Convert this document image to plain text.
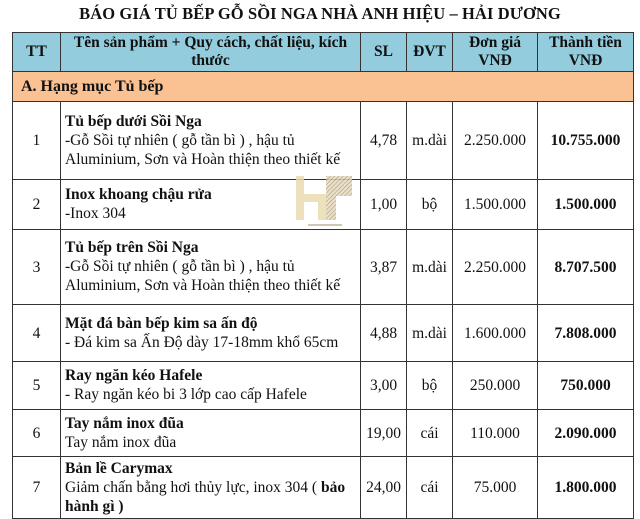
BÁO GIÁ TỦ BẾP GỖ SỒI NGA NHÀ ANH HIỆU – HẢI DƯƠNG
TT	Tên sản phẩm + Quy cách, chất liệu, kích thước	SL	ĐVT	Đơn giá VNĐ	Thành tiền VNĐ
A. Hạng mục Tủ bếp					
1	Tủ bếp dưới Sồi Nga
-Gỗ Sồi tự nhiên ( gỗ tần bì ) , hậu tủ Aluminium, Sơn và Hoàn thiện theo thiết kế	4,78	m.dài	2.250.000	10.755.000
2	Inox khoang chậu rửa
-Inox 304	1,00	bộ	1.500.000	1.500.000
3	Tủ bếp trên Sồi Nga
-Gỗ Sồi tự nhiên ( gỗ tần bì ) , hậu tủ Aluminium, Sơn và Hoàn thiện theo thiết kế	3,87	m.dài	2.250.000	8.707.500
4	Mặt đá bàn bếp kim sa ấn độ
- Đá kim sa Ấn Độ dày 17-18mm khổ 65cm	4,88	m.dài	1.600.000	7.808.000
5	Ray ngăn kéo Hafele
- Ray ngăn kéo bi 3 lớp cao cấp Hafele	3,00	bộ	250.000	750.000
6	Tay nắm inox đũa
Tay nắm inox đũa	19,00	cái	110.000	2.090.000
7	Bản lề Carymax
Giảm chấn bằng hơi thủy lực, inox 304 ( bảo hành gì )	24,00	cái	75.000	1.800.000
